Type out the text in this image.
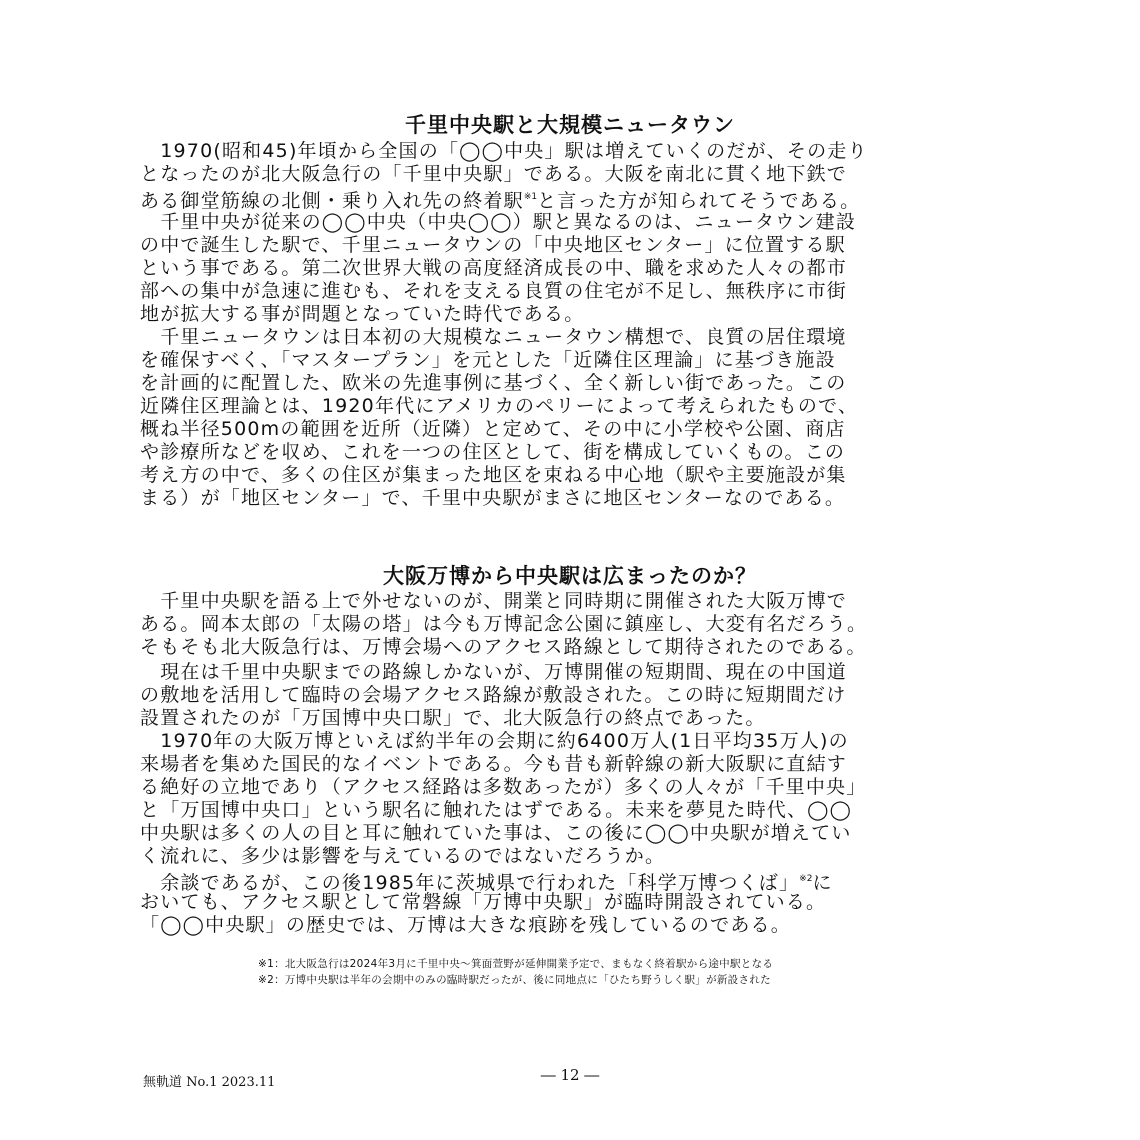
千里中央駅と大規模ニュータウン
　1970(昭和45)年頃から全国の「◯◯中央」駅は増えていくのだが、その走り
となったのが北大阪急行の「千里中央駅」である。大阪を南北に貫く地下鉄で
ある御堂筋線の北側・乗り入れ先の終着駅$^{※1}$と言った方が知られてそうである。
　千里中央が従来の◯◯中央（中央◯◯）駅と異なるのは、ニュータウン建設
の中で誕生した駅で、千里ニュータウンの「中央地区センター」に位置する駅
という事である。第二次世界大戦の高度経済成長の中、職を求めた人々の都市
部への集中が急速に進むも、それを支える良質の住宅が不足し、無秩序に市街
地が拡大する事が問題となっていた時代である。
　千里ニュータウンは日本初の大規模なニュータウン構想で、良質の居住環境
を確保すべく、「マスタープラン」を元とした「近隣住区理論」に基づき施設
を計画的に配置した、欧米の先進事例に基づく、全く新しい街であった。この
近隣住区理論とは、1920年代にアメリカのペリーによって考えられたもので、
概ね半径500mの範囲を近所（近隣）と定めて、その中に小学校や公園、商店
や診療所などを収め、これを一つの住区として、街を構成していくもの。この
考え方の中で、多くの住区が集まった地区を束ねる中心地（駅や主要施設が集
まる）が「地区センター」で、千里中央駅がまさに地区センターなのである。
大阪万博から中央駅は広まったのか？
　千里中央駅を語る上で外せないのが、開業と同時期に開催された大阪万博で
ある。岡本太郎の「太陽の塔」は今も万博記念公園に鎮座し、大変有名だろう。
そもそも北大阪急行は、万博会場へのアクセス路線として期待されたのである。
　現在は千里中央駅までの路線しかないが、万博開催の短期間、現在の中国道
の敷地を活用して臨時の会場アクセス路線が敷設された。この時に短期間だけ
設置されたのが「万国博中央口駅」で、北大阪急行の終点であった。
　1970年の大阪万博といえば約半年の会期に約6400万人(1日平均35万人)の
来場者を集めた国民的なイベントである。今も昔も新幹線の新大阪駅に直結す
る絶好の立地であり（アクセス経路は多数あったが）多くの人々が「千里中央」
と「万国博中央口」という駅名に触れたはずである。未来を夢見た時代、◯◯
中央駅は多くの人の目と耳に触れていた事は、この後に◯◯中央駅が増えてい
く流れに、多少は影響を与えているのではないだろうか。
　余談であるが、この後1985年に茨城県で行われた「科学万博つくば」$^{※2}$に
おいても、アクセス駅として常磐線「万博中央駅」が臨時開設されている。
「◯◯中央駅」の歴史では、万博は大きな痕跡を残しているのである。
※1：北大阪急行は2024年3月に千里中央～箕面萱野が延伸開業予定で、まもなく終着駅から途中駅となる
※2：万博中央駅は半年の会期中のみの臨時駅だったが、後に同地点に「ひたち野うしく駅」が新設された
― 12 ―
無軌道 No.1 2023.11
